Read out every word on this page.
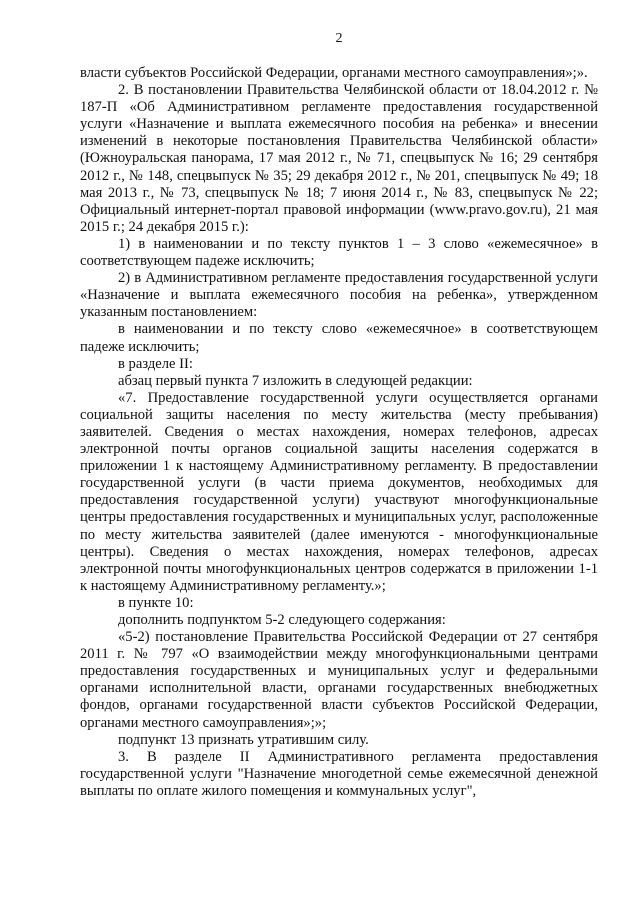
2

власти субъектов Российской Федерации, органами местного самоуправления»;».

2. В постановлении Правительства Челябинской области от 18.04.2012 г. № 187-П «Об Административном регламенте предоставления государственной услуги «Назначение и выплата ежемесячного пособия на ребенка» и внесении изменений в некоторые постановления Правительства Челябинской области» (Южноуральская панорама, 17 мая 2012 г., № 71, спецвыпуск № 16; 29 сентября 2012 г., № 148, спецвыпуск № 35; 29 декабря 2012 г., № 201, спецвыпуск № 49; 18 мая 2013 г., № 73, спецвыпуск № 18; 7 июня 2014 г., № 83, спецвыпуск № 22; Официальный интернет-портал правовой информации (www.pravo.gov.ru), 21 мая 2015 г.; 24 декабря 2015 г.):

1) в наименовании и по тексту пунктов 1 – 3 слово «ежемесячное» в соответствующем падеже исключить;

2) в Административном регламенте предоставления государственной услуги «Назначение и выплата ежемесячного пособия на ребенка», утвержденном указанным постановлением:

в наименовании и по тексту слово «ежемесячное» в соответствующем падеже исключить;

в разделе II:

абзац первый пункта 7 изложить в следующей редакции:

«7. Предоставление государственной услуги осуществляется органами социальной защиты населения по месту жительства (месту пребывания) заявителей. Сведения о местах нахождения, номерах телефонов, адресах электронной почты органов социальной защиты населения содержатся в приложении 1 к настоящему Административному регламенту. В предоставлении государственной услуги (в части приема документов, необходимых для предоставления государственной услуги) участвуют многофункциональные центры предоставления государственных и муниципальных услуг, расположенные по месту жительства заявителей (далее именуются - многофункциональные центры). Сведения о местах нахождения, номерах телефонов, адресах электронной почты многофункциональных центров содержатся в приложении 1-1 к настоящему Административному регламенту.»;

в пункте 10:

дополнить подпунктом 5-2 следующего содержания:

«5-2) постановление Правительства Российской Федерации от 27 сентября 2011 г. № 797 «О взаимодействии между многофункциональными центрами предоставления государственных и муниципальных услуг и федеральными органами исполнительной власти, органами государственных внебюджетных фондов, органами государственной власти субъектов Российской Федерации, органами местного самоуправления»;»;

подпункт 13 признать утратившим силу.

3. В разделе II Административного регламента предоставления государственной услуги "Назначение многодетной семье ежемесячной денежной выплаты по оплате жилого помещения и коммунальных услуг",
